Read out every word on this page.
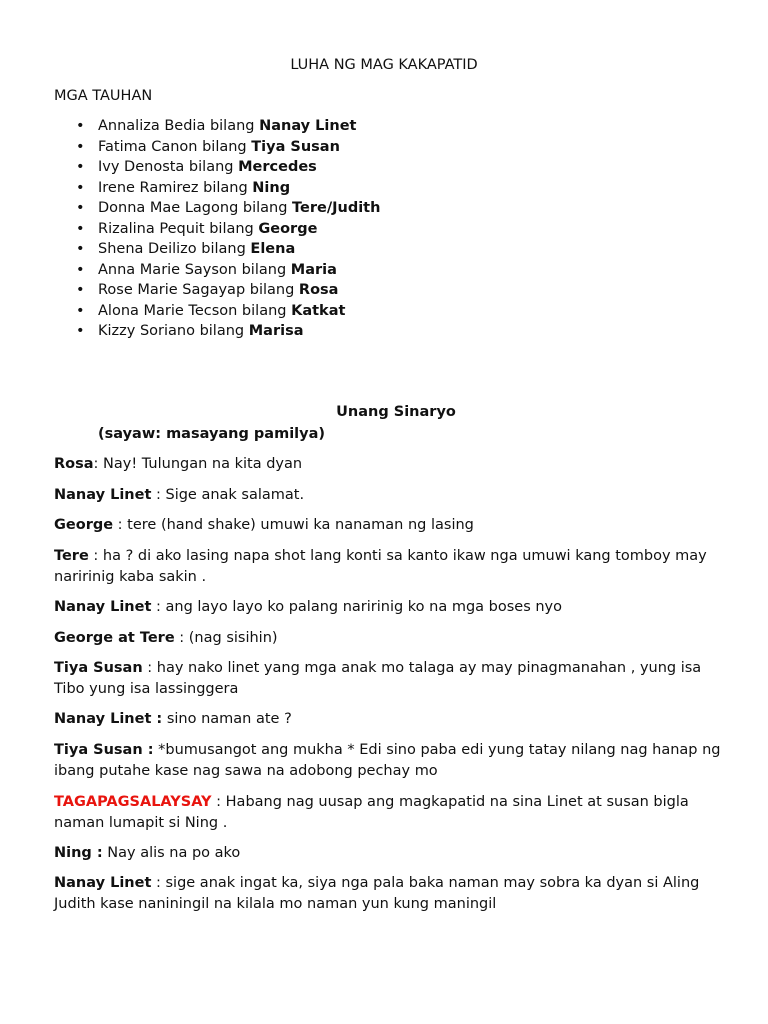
LUHA NG MAG KAKAPATID
MGA TAUHAN
• Annaliza Bedia bilang Nanay Linet
• Fatima Canon bilang Tiya Susan
• Ivy Denosta bilang Mercedes
• Irene Ramirez bilang Ning
• Donna Mae Lagong bilang Tere/Judith
• Rizalina Pequit bilang George
• Shena Deilizo bilang Elena
• Anna Marie Sayson bilang Maria
• Rose Marie Sagayap bilang Rosa
• Alona Marie Tecson bilang Katkat
• Kizzy Soriano bilang Marisa
Unang Sinaryo
(sayaw: masayang pamilya)
Rosa: Nay! Tulungan na kita dyan
Nanay Linet : Sige anak salamat.
George : tere (hand shake) umuwi ka nanaman ng lasing
Tere : ha ? di ako lasing napa shot lang konti sa kanto ikaw nga umuwi kang tomboy may naririnig kaba sakin .
Nanay Linet : ang layo layo ko palang naririnig ko na mga boses nyo
George at Tere : (nag sisihin)
Tiya Susan : hay nako linet yang mga anak mo talaga ay may pinagmanahan , yung isa Tibo yung isa lassinggera
Nanay Linet : sino naman ate ?
Tiya Susan : *bumusangot ang mukha * Edi sino paba edi yung tatay nilang nag hanap ng ibang putahe kase nag sawa na adobong pechay mo
TAGAPAGSALAYSAY : Habang nag uusap ang magkapatid na sina Linet at susan bigla naman lumapit si Ning .
Ning : Nay alis na po ako
Nanay Linet : sige anak ingat ka, siya nga pala baka naman may sobra ka dyan si Aling Judith kase naniningil na kilala mo naman yun kung maningil
